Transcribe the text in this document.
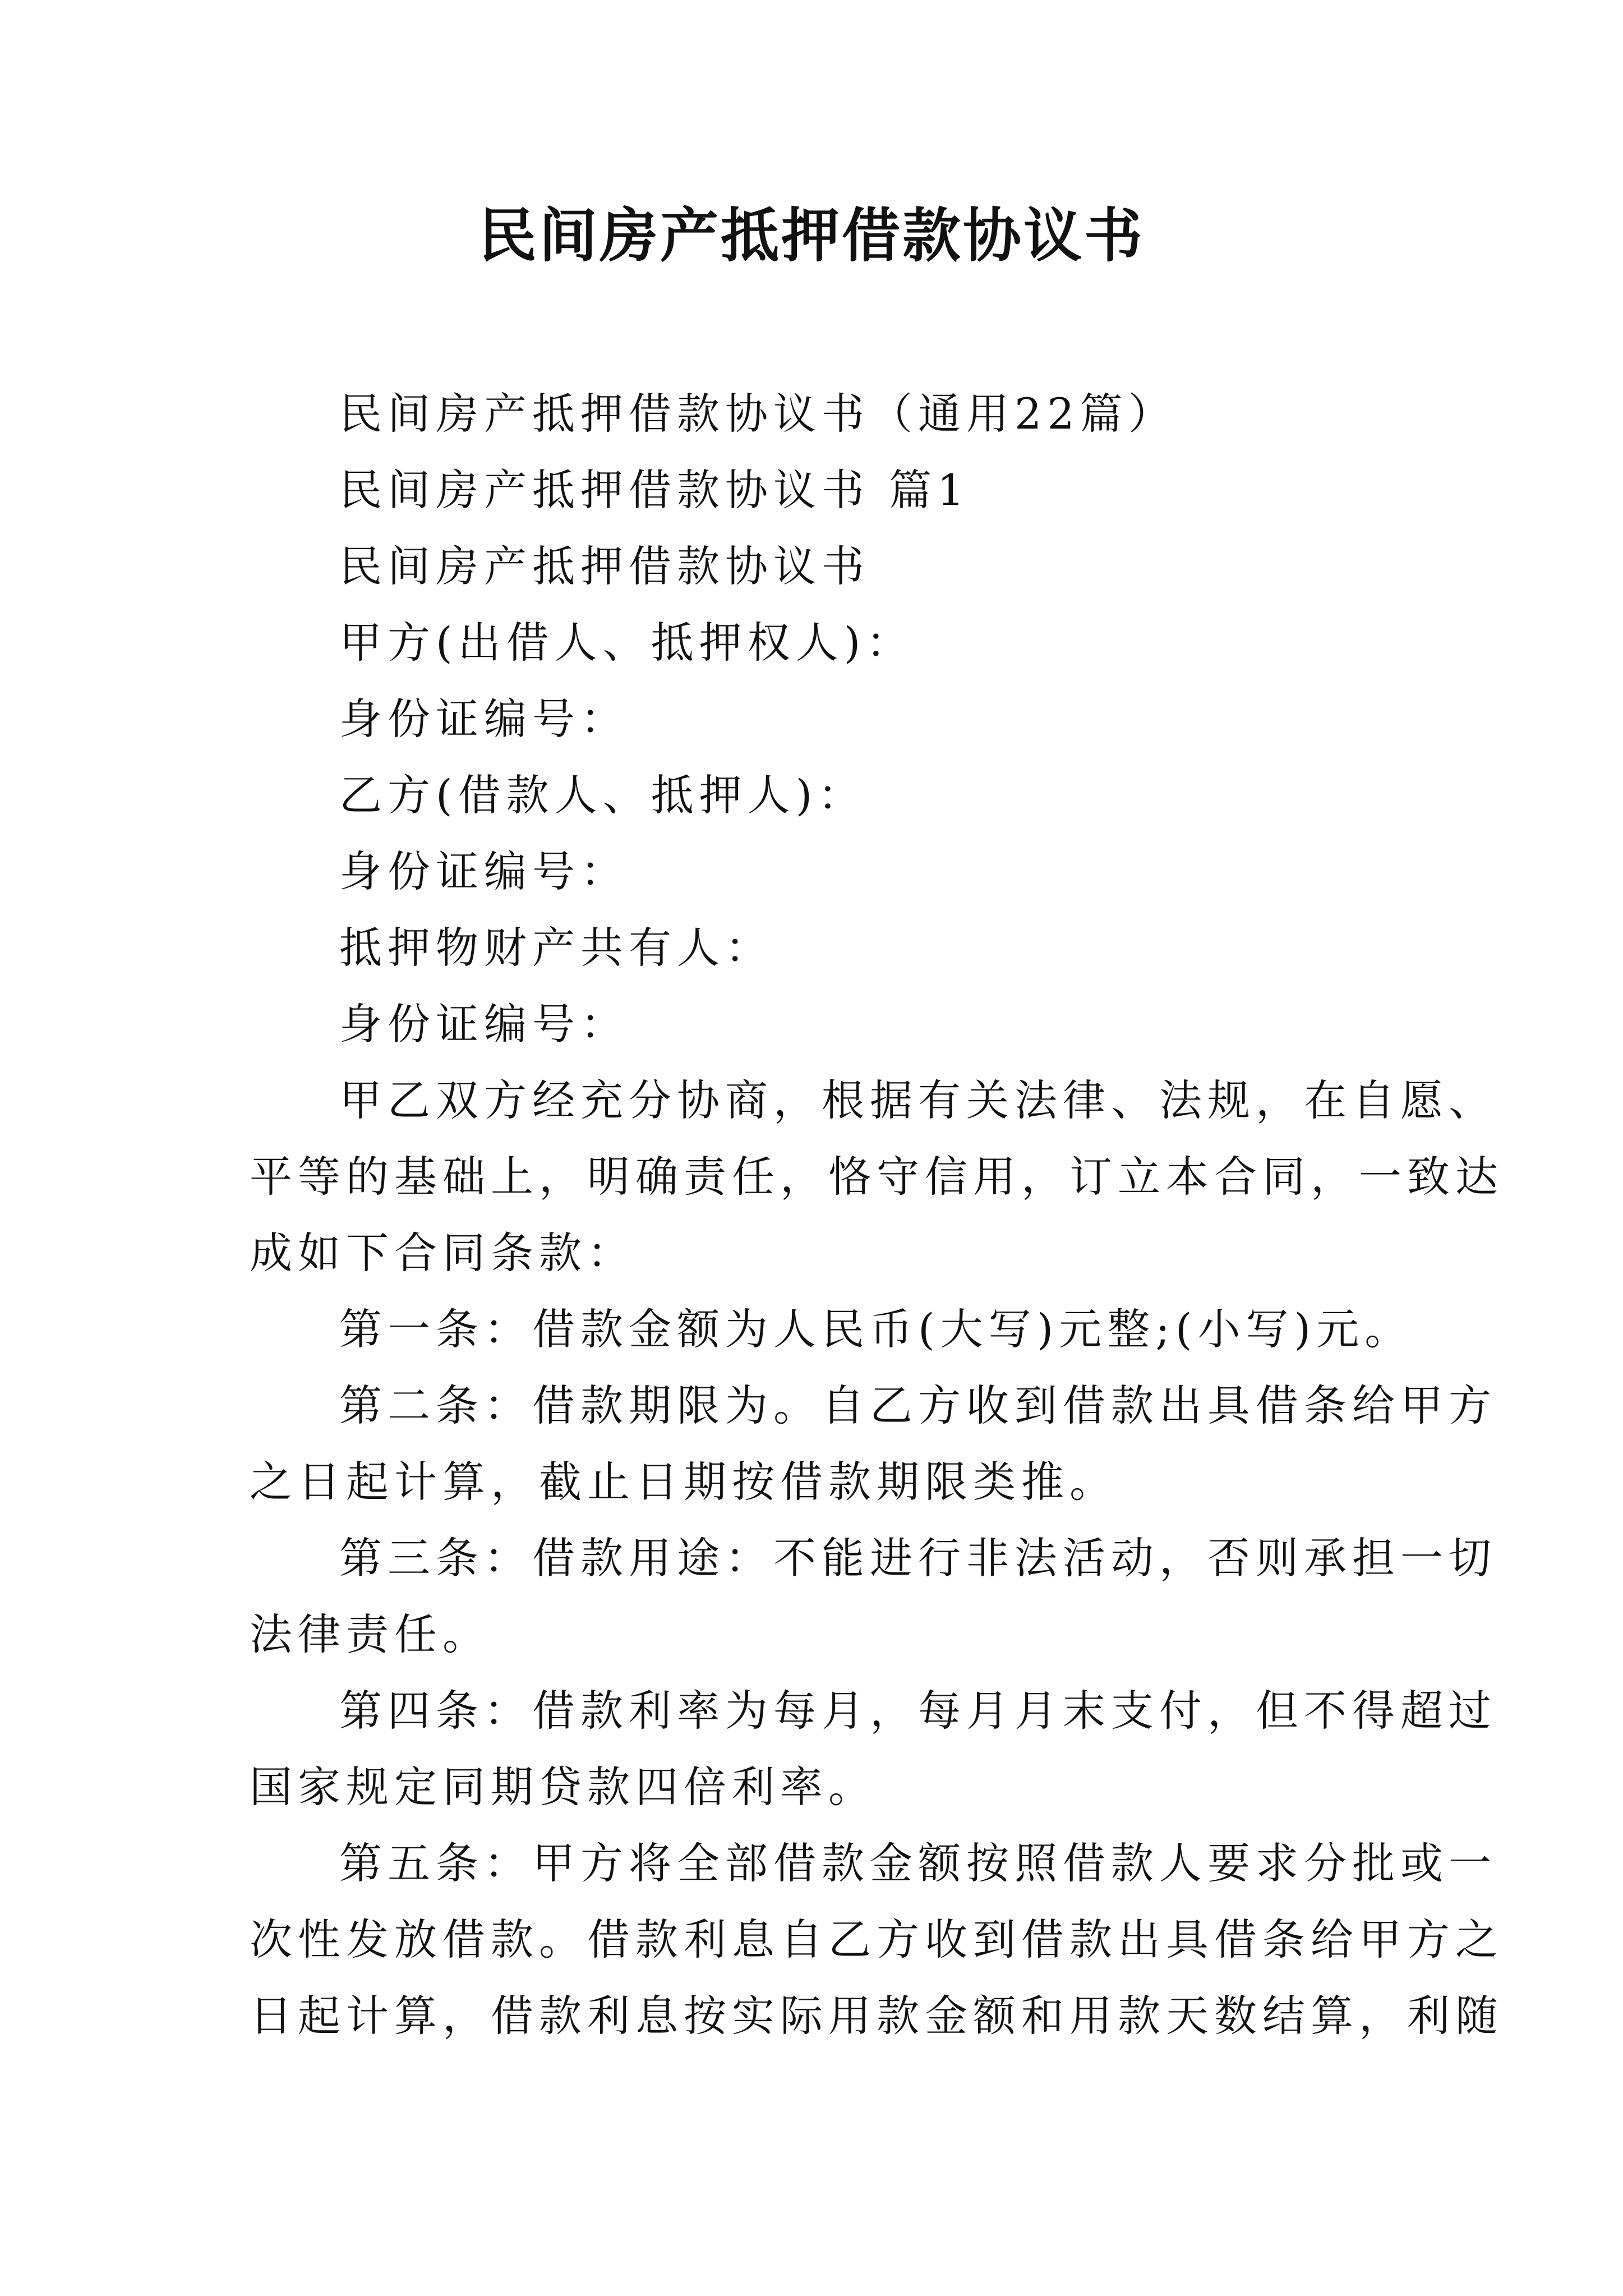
民间房产抵押借款协议书

民间房产抵押借款协议书（通用22篇）

民间房产抵押借款协议书 篇1

民间房产抵押借款协议书

甲方(出借人、抵押权人)：

身份证编号：

乙方(借款人、抵押人)：

身份证编号：

抵押物财产共有人：

身份证编号：

甲乙双方经充分协商，根据有关法律、法规，在自愿、

平等的基础上，明确责任，恪守信用，订立本合同，一致达

成如下合同条款：

第一条：借款金额为人民币(大写)元整;(小写)元。

第二条：借款期限为。自乙方收到借款出具借条给甲方

之日起计算，截止日期按借款期限类推。

第三条：借款用途：不能进行非法活动，否则承担一切

法律责任。

第四条：借款利率为每月，每月月末支付，但不得超过

国家规定同期贷款四倍利率。

第五条：甲方将全部借款金额按照借款人要求分批或一

次性发放借款。借款利息自乙方收到借款出具借条给甲方之

日起计算，借款利息按实际用款金额和用款天数结算，利随
